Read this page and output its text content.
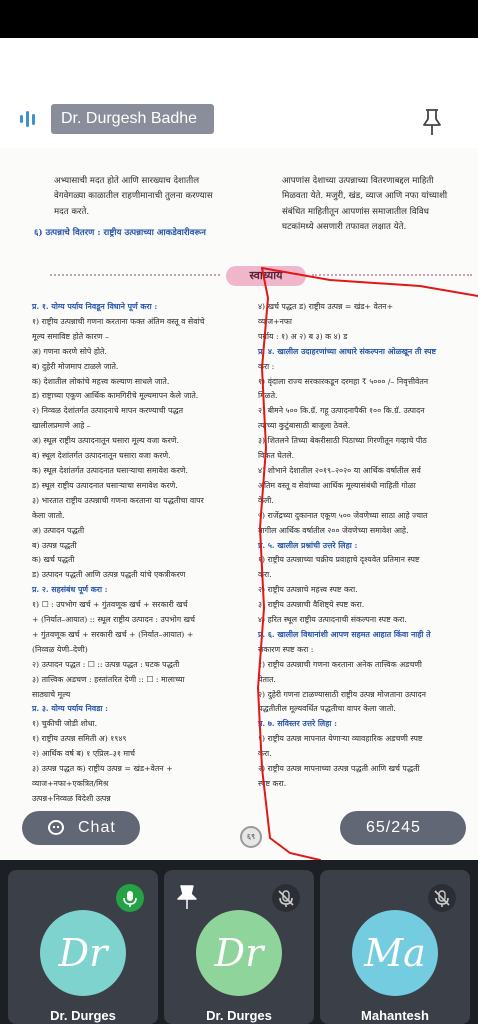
Dr. Durgesh Badhe

अभ्यासाची मदत होते आणि सारख्याच देशातील

वेगवेगळ्या काळातील राहणीमानाची तुलना करण्यास

मदत करते.

६) उत्पन्नाचे वितरण : राष्ट्रीय उत्पन्नाच्या आकडेवारीवरून

आपणांस देशाच्या उत्पन्नाच्या वितरणाबद्दल माहिती

मिळवता येते. मजुरी, खंड, व्याज आणि नफा यांच्याशी

संबंधित माहितीतून आपणांस समाजातील विविध

घटकांमध्ये असणारी तफावत लक्षात येते.

स्वाध्याय

प्र. १. योग्य पर्याय निवडून विधाने पूर्ण करा :

१) राष्ट्रीय उत्पन्नाची गणना करताना फक्त अंतिम वस्तू व सेवांचे

मूल्य समाविष्ट होते कारण –

अ) गणना करणे सोपे होते.

ब) दुहेरी मोजमाप टाळले जाते.

क) देशातील लोकांचे महत्त्व कल्याण साधले जाते.

ड) राष्ट्राच्या एकूण आर्थिक कामगिरीचे मूल्यमापन केले जाते.

२) निव्वळ देशांतर्गत उत्पादनाचे मापन करण्याची पद्धत

खालीलप्रमाणे आहे –

अ) स्थूल राष्ट्रीय उत्पादनातून घसारा मूल्य वजा करणे.

ब) स्थूल देशांतर्गत उत्पादनातून घसारा वजा करणे.

क) स्थूल देशांतर्गत उत्पादनात घसाऱ्याचा समावेश करणे.

ड) स्थूल राष्ट्रीय उत्पादनात घसाऱ्याचा समावेश करणे.

३) भारतात राष्ट्रीय उत्पन्नाची गणना करताना या पद्धतीचा वापर

केला जातो.

अ) उत्पादन पद्धती

ब) उत्पन्न पद्धती

क) खर्च पद्धती

ड) उत्पादन पद्धती आणि उत्पन्न पद्धती यांचे एकत्रीकरण

प्र. २. सहसंबंध पूर्ण करा :

१) ☐ : उपभोग खर्च + गुंतवणूक खर्च + सरकारी खर्च

+ (निर्यात–आयात) :: स्थूल राष्ट्रीय उत्पादन : उपभोग खर्च

+ गुंतवणूक खर्च + सरकारी खर्च + (निर्यात–आयात) +

(निव्वळ येणी–देणी)

२) उत्पादन पद्धत : ☐ :: उत्पन्न पद्धत : घटक पद्धती

३) तात्त्विक अडचण : हस्तांतरित देणी :: ☐ : मालाच्या

साठ्याचे मूल्य

प्र. ३. योग्य पर्याय निवडा :

१) चुकीची जोडी शोधा.

१) राष्ट्रीय उत्पन्न समिती अ) १९४९

२) आर्थिक वर्ष ब) १ एप्रिल–३१ मार्च

३) उत्पन्न पद्धत क) राष्ट्रीय उत्पन्न = खंड+वेतन +

व्याज+नफा+एकत्रित/मिश्र

उत्पन्न+निव्वळ विदेशी उत्पन्न

४) खर्च पद्धत ड) राष्ट्रीय उत्पन्न = खंड+ वेतन+

व्याज+नफा

पर्याय : १) अ २) ब ३) क ४) ड

प्र. ४. खालील उदाहरणांच्या आधारे संकल्पना ओळखून ती स्पष्ट

करा :

१) वृंदाला राज्य सरकारकडून दरमहा ₹ ५००० /– निवृत्तीवेतन

मिळते.

२) बीमने ५०० कि.ग्रॅ. गहू उत्पादनापैकी १०० कि.ग्रॅ. उत्पादन

त्याच्या कुटुंबासाठी बाजूला ठेवले.

३) शितलने तिच्या बेकरीसाठी पिठाच्या गिरणीतून गव्हाचे पीठ

विकत घेतले.

४) शोभाने देशातील २०१९–२०२० या आर्थिक वर्षातील सर्व

अंतिम वस्तू व सेवांच्या आर्थिक मूल्यासंबंधी माहिती गोळा

केली.

५) राजेंद्रच्या दुकानात एकूण ५०० जेवणेच्या साठा आहे ज्यात

मागील आर्थिक वर्षातील २०० जेवणेच्या समावेश आहे.

प्र. ५. खालील प्रश्नांची उत्तरे लिहा :

१) राष्ट्रीय उत्पन्नाच्या चक्रीय प्रवाहाचे दृश्यवेत प्रतिमान स्पष्ट

करा.

२) राष्ट्रीय उत्पन्नाचे महत्त्व स्पष्ट करा.

३) राष्ट्रीय उत्पन्नाची वैशिष्ट्ये स्पष्ट करा.

४) हरित स्थूल राष्ट्रीय उत्पादनाची संकल्पना स्पष्ट करा.

प्र. ६. खालील विधानांशी आपण सहमत आहात किंवा नाही ते

सकारण स्पष्ट करा :

१) राष्ट्रीय उत्पन्नाची गणना करताना अनेक तात्त्विक अडचणी

येतात.

२) दुहेरी गणना टाळण्यासाठी राष्ट्रीय उत्पन्न मोजताना उत्पादन

पद्धतीतील मूल्यवर्धित पद्धतीचा वापर केला जातो.

प्र. ७. सविस्तर उत्तरे लिहा :

१) राष्ट्रीय उत्पन्न मापनात येणाऱ्या व्यावहारिक अडचणी स्पष्ट

करा.

२) राष्ट्रीय उत्पन्न मापनाच्या उत्पन्न पद्धती आणि खर्च पद्धती

स्पष्ट करा.

६९
Chat	65/245
Dr
Dr. Durges
Dr
Dr. Durges
Ma
Mahantesh
